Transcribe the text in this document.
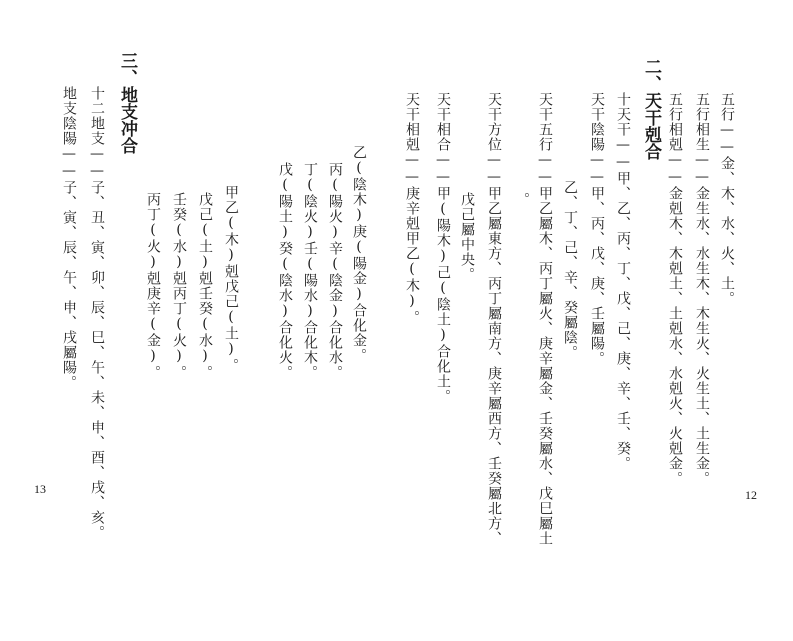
二、天干剋合	五行——金、木、水、火、土。
五行相生——金生水、水生木、木生火、火生土、土生金。
五行相剋——金剋木、木剋土、土剋水、水剋火、火剋金。
十天干——甲、乙、丙、丁、戊、己、庚、辛、壬、癸。
天干陰陽——甲、丙、戊、庚、壬屬陽。
乙、丁、己、辛、癸屬陰。
天干五行——甲乙屬木、丙丁屬火、庚辛屬金、壬癸屬水、戊巳屬土
。
天干方位——甲乙屬東方、丙丁屬南方、庚辛屬西方、壬癸屬北方、
戊己屬中央。
天干相合——甲(陽木)己(陰土)合化土。
12
天干相剋——庚辛剋甲乙(木)。
乙(陰木)庚(陽金)合化金。
丙(陽火)辛(陰金)合化水。
丁(陰火)壬(陽水)合化木。
戊(陽土)癸(陰水)合化火。
甲乙(木)剋戊己(土)。
戊己(土)剋壬癸(水)。
壬癸(水)剋丙丁(火)。
丙丁(火)剋庚辛(金)。
三、地支冲合
十二地支——子、丑、寅、卯、辰、巳、午、未、申、酉、戌、亥。
地支陰陽——子、寅、辰、午、申、戌屬陽。
13
